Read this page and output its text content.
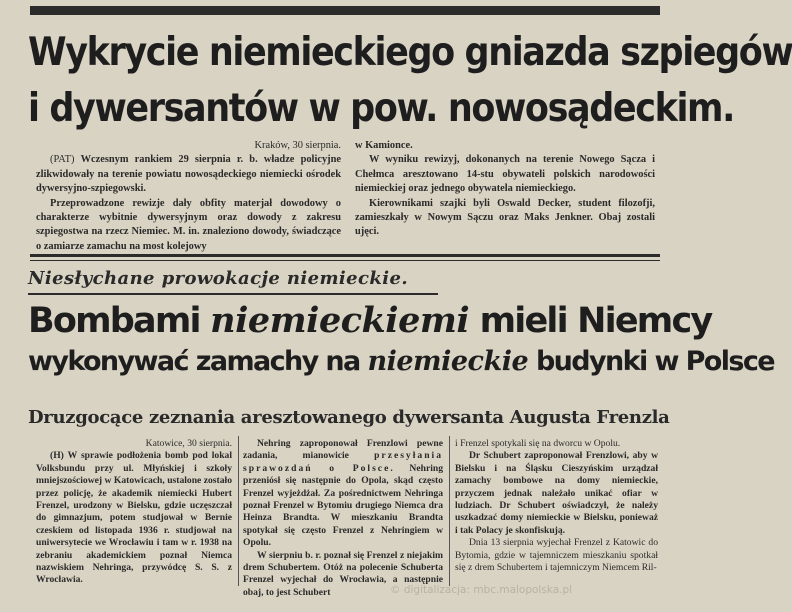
Wykrycie niemieckiego gniazda szpiegów
i dywersantów w pow. nowosądeckim.

Kraków, 30 sierpnia.

(PAT) Wczesnym rankiem 29 sierpnia r. b. władze policyjne zlikwidowały na terenie powiatu nowosądeckiego niemiecki ośrodek dywersyjno-szpiegowski.

Przeprowadzone rewizje dały obfity materjał dowodowy o charakterze wybitnie dywersyjnym oraz dowody z zakresu szpiegostwa na rzecz Niemiec. M. in. znaleziono dowody, świadczące o zamiarze zamachu na most kolejowy

w Kamionce.

W wyniku rewizyj, dokonanych na terenie Nowego Sącza i Chełmca aresztowano 14-stu obywateli polskich narodowości niemieckiej oraz jednego obywatela niemieckiego.

Kierownikami szajki byli Oswald Decker, student filozofji, zamieszkały w Nowym Sączu oraz Maks Jenkner. Obaj zostali ujęci.

Niesłychane prowokacje niemieckie.
Bombami niemieckiemi mieli Niemcy
wykonywać zamachy na niemieckie budynki w Polsce
Druzgocące zeznania aresztowanego dywersanta Augusta Frenzla

Katowice, 30 sierpnia.

(H) W sprawie podłożenia bomb pod lokal Volksbundu przy ul. Młyńskiej i szkoły mniejszościowej w Katowicach, ustalone zostało przez policję, że akademik niemiecki Hubert Frenzel, urodzony w Bielsku, gdzie uczęszczał do gimnazjum, potem studjował w Bernie czeskiem od listopada 1936 r. studjował na uniwersytecie we Wrocławiu i tam w r. 1938 na zebraniu akademickiem poznał Niemca nazwiskiem Nehringa, przywódcę S. S. z Wrocławia.

Nehring zaproponował Frenzlowi pewne zadania, mianowicie przesyłania sprawozdań o Polsce. Nehring przeniósł się następnie do Opola, skąd często Frenzel wyjeżdżał. Za pośrednictwem Nehringa poznał Frenzel w Bytomiu drugiego Niemca dra Heinza Brandta. W mieszkaniu Brandta spotykał się często Frenzel z Nehringiem w Opolu.

W sierpniu b. r. poznał się Frenzel z niejakim drem Schubertem. Otóż na polecenie Schuberta Frenzel wyjechał do Wrocławia, a następnie obaj, to jest Schubert

i Frenzel spotykali się na dworcu w Opolu.

Dr Schubert zaproponował Frenzlowi, aby w Bielsku i na Śląsku Cieszyńskim urządzał zamachy bombowe na domy niemieckie, przyczem jednak należało unikać ofiar w ludziach. Dr Schubert oświadczył, że należy uszkadzać domy niemieckie w Bielsku, ponieważ i tak Polacy je skonfiskują.

Dnia 13 sierpnia wyjechał Frenzel z Katowic do Bytomia, gdzie w tajemniczem mieszkaniu spotkał się z drem Schubertem i tajemniczym Niemcem Ril-

© digitalizacja: mbc.malopolska.pl
